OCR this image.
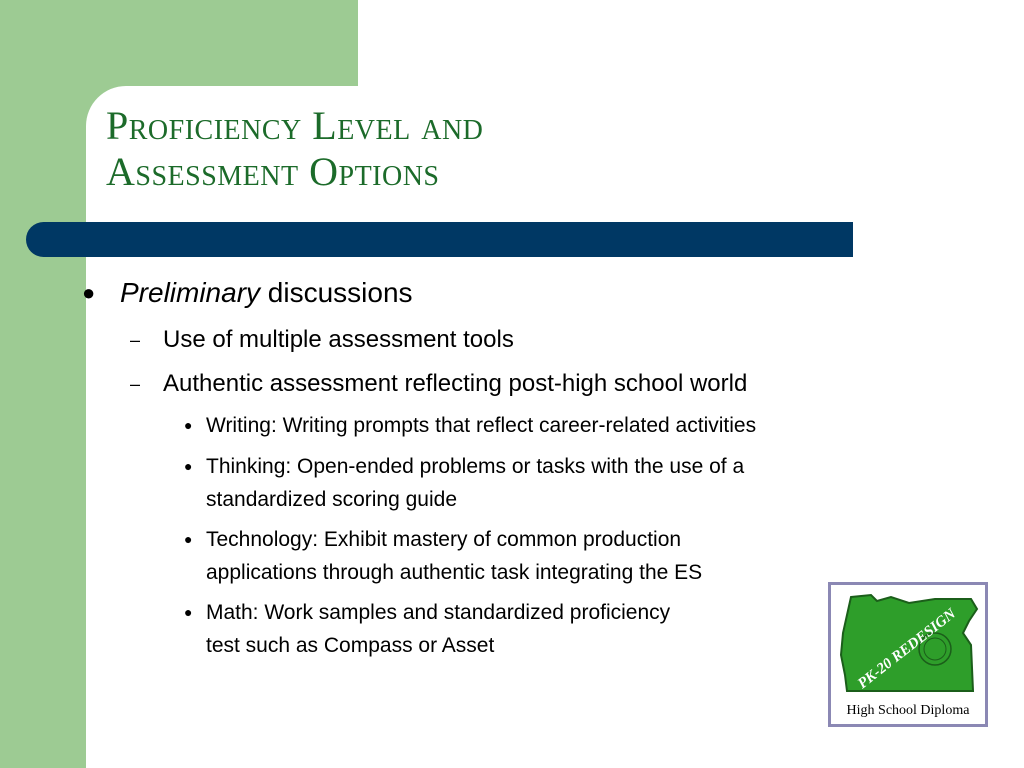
Proficiency Level and
Assessment Options
● Preliminary discussions
– Use of multiple assessment tools
– Authentic assessment reflecting post-high school world
● Writing: Writing prompts that reflect career-related activities
● Thinking: Open-ended problems or tasks with the use of a
standardized scoring guide
● Technology: Exhibit mastery of common production
applications through authentic task integrating the ES
● Math: Work samples and standardized proficiency
test such as Compass or Asset	PK-20 REDESIGN
High School Diploma
